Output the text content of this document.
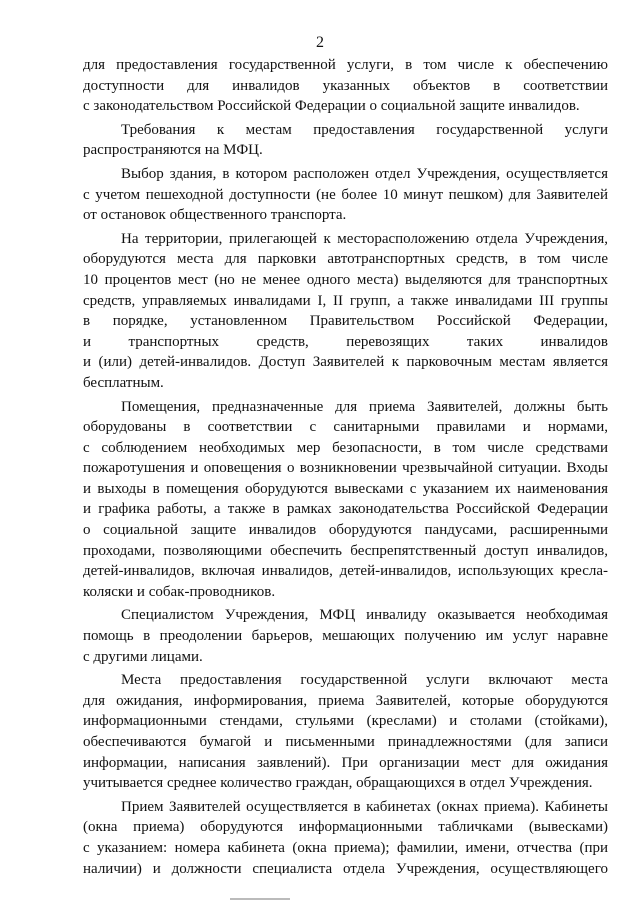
2

для предоставления государственной услуги, в том числе к обеспечению
доступности для инвалидов указанных объектов в соответствии
с законодательством Российской Федерации о социальной защите инвалидов.

Требования к местам предоставления государственной услуги
распространяются на МФЦ.

Выбор здания, в котором расположен отдел Учреждения, осуществляется
с учетом пешеходной доступности (не более 10 минут пешком) для Заявителей
от остановок общественного транспорта.

На территории, прилегающей к месторасположению отдела Учреждения,
оборудуются места для парковки автотранспортных средств, в том числе
10 процентов мест (но не менее одного места) выделяются для транспортных
средств, управляемых инвалидами I, II групп, а также инвалидами III группы
в порядке, установленном Правительством Российской Федерации,
и транспортных средств, перевозящих таких инвалидов
и (или) детей-инвалидов. Доступ Заявителей к парковочным местам является
бесплатным.

Помещения, предназначенные для приема Заявителей, должны быть
оборудованы в соответствии с санитарными правилами и нормами,
с соблюдением необходимых мер безопасности, в том числе средствами
пожаротушения и оповещения о возникновении чрезвычайной ситуации. Входы
и выходы в помещения оборудуются вывесками с указанием их наименования
и графика работы, а также в рамках законодательства Российской Федерации
о социальной защите инвалидов оборудуются пандусами, расширенными
проходами, позволяющими обеспечить беспрепятственный доступ инвалидов,
детей-инвалидов, включая инвалидов, детей-инвалидов, использующих кресла-
коляски и собак-проводников.

Специалистом Учреждения, МФЦ инвалиду оказывается необходимая
помощь в преодолении барьеров, мешающих получению им услуг наравне
с другими лицами.

Места предоставления государственной услуги включают места
для ожидания, информирования, приема Заявителей, которые оборудуются
информационными стендами, стульями (креслами) и столами (стойками),
обеспечиваются бумагой и письменными принадлежностями (для записи
информации, написания заявлений). При организации мест для ожидания
учитывается среднее количество граждан, обращающихся в отдел Учреждения.

Прием Заявителей осуществляется в кабинетах (окнах приема). Кабинеты
(окна приема) оборудуются информационными табличками (вывесками)
с указанием: номера кабинета (окна приема); фамилии, имени, отчества (при
наличии) и должности специалиста отдела Учреждения, осуществляющего
